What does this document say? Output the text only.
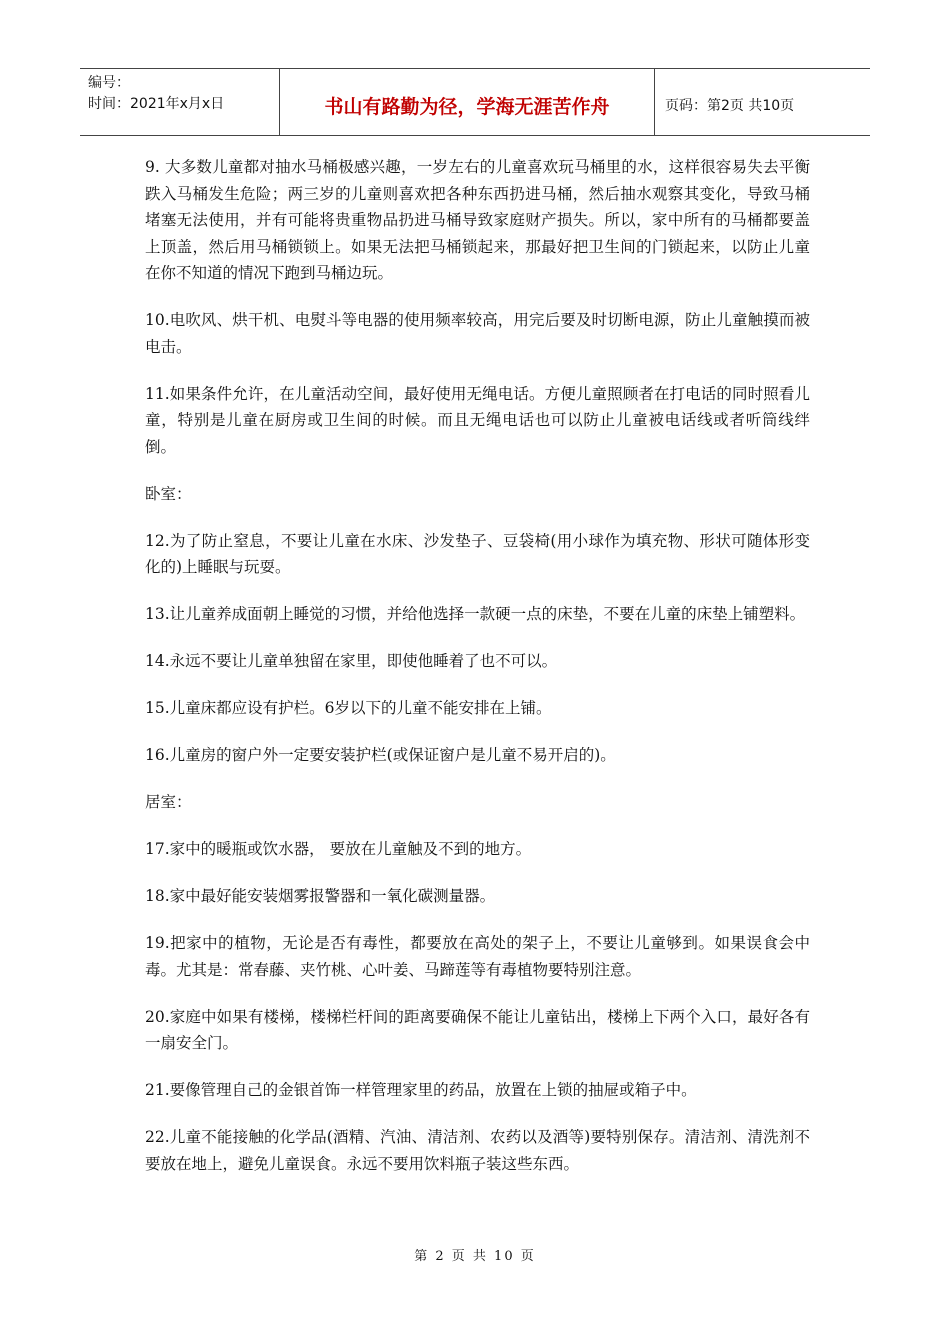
编号：
时间：2021年x月x日	书山有路勤为径，学海无涯苦作舟	页码：第2页 共10页

9. 大多数儿童都对抽水马桶极感兴趣，一岁左右的儿童喜欢玩马桶里的水，这样很容易失去平衡跌入马桶发生危险；两三岁的儿童则喜欢把各种东西扔进马桶，然后抽水观察其变化，导致马桶堵塞无法使用，并有可能将贵重物品扔进马桶导致家庭财产损失。所以，家中所有的马桶都要盖上顶盖，然后用马桶锁锁上。如果无法把马桶锁起来，那最好把卫生间的门锁起来，以防止儿童在你不知道的情况下跑到马桶边玩。

10.电吹风、烘干机、电熨斗等电器的使用频率较高，用完后要及时切断电源，防止儿童触摸而被电击。

11.如果条件允许，在儿童活动空间，最好使用无绳电话。方便儿童照顾者在打电话的同时照看儿童，特别是儿童在厨房或卫生间的时候。而且无绳电话也可以防止儿童被电话线或者听筒线绊倒。

卧室：

12.为了防止窒息，不要让儿童在水床、沙发垫子、豆袋椅(用小球作为填充物、形状可随体形变化的)上睡眠与玩耍。

13.让儿童养成面朝上睡觉的习惯，并给他选择一款硬一点的床垫，不要在儿童的床垫上铺塑料。

14.永远不要让儿童单独留在家里，即使他睡着了也不可以。

15.儿童床都应设有护栏。6岁以下的儿童不能安排在上铺。

16.儿童房的窗户外一定要安装护栏(或保证窗户是儿童不易开启的)。

居室：

17.家中的暖瓶或饮水器， 要放在儿童触及不到的地方。

18.家中最好能安装烟雾报警器和一氧化碳测量器。

19.把家中的植物，无论是否有毒性，都要放在高处的架子上，不要让儿童够到。如果误食会中毒。尤其是：常春藤、夹竹桃、心叶姜、马蹄莲等有毒植物要特别注意。

20.家庭中如果有楼梯，楼梯栏杆间的距离要确保不能让儿童钻出，楼梯上下两个入口，最好各有一扇安全门。

21.要像管理自己的金银首饰一样管理家里的药品，放置在上锁的抽屉或箱子中。

22.儿童不能接触的化学品(酒精、汽油、清洁剂、农药以及酒等)要特别保存。清洁剂、清洗剂不要放在地上，避免儿童误食。永远不要用饮料瓶子装这些东西。

第 2 页 共 10 页
